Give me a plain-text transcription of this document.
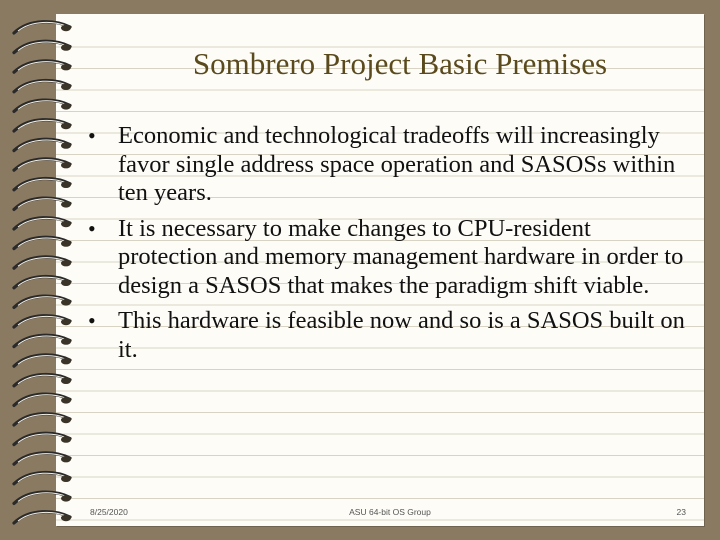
Sombrero Project Basic Premises
• Economic and technological tradeoffs will increasingly favor single address space operation and SASOSs within ten years.
• It is necessary to make changes to CPU-resident protection and memory management hardware in order to design a SASOS that makes the paradigm shift viable.
• This hardware is feasible now and so is a SASOS built on it.
8/25/2020	ASU 64-bit OS Group	23
